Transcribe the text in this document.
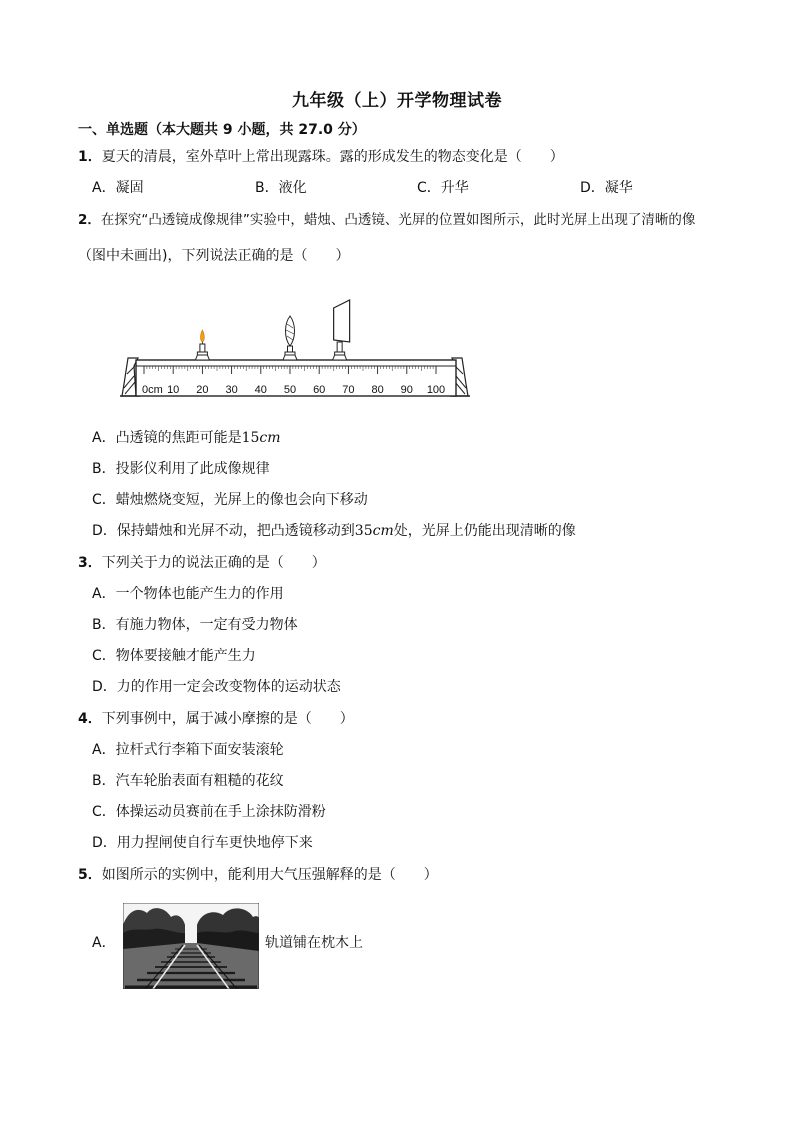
九年级（上）开学物理试卷
一、单选题（本大题共 9 小题，共 27.0 分）
1．夏天的清晨，室外草叶上常出现露珠。露的形成发生的物态变化是（　　）
A．凝固	B．液化	C．升华	D．凝华
2．在探究“凸透镜成像规律”实验中，蜡烛、凸透镜、光屏的位置如图所示，此时光屏上出现了清晰的像
（图中未画出)，下列说法正确的是（　　）
0cm 10 20 30 40 50 60 70 80 90 100
A．凸透镜的焦距可能是15cm
B．投影仪利用了此成像规律
C．蜡烛燃烧变短，光屏上的像也会向下移动
D．保持蜡烛和光屏不动，把凸透镜移动到35cm处，光屏上仍能出现清晰的像
3．下列关于力的说法正确的是（　　）
A．一个物体也能产生力的作用
B．有施力物体，一定有受力物体
C．物体要接触才能产生力
D．力的作用一定会改变物体的运动状态
4．下列事例中，属于减小摩擦的是（　　）
A．拉杆式行李箱下面安装滚轮
B．汽车轮胎表面有粗糙的花纹
C．体操运动员赛前在手上涂抹防滑粉
D．用力捏闸使自行车更快地停下来
5．如图所示的实例中，能利用大气压强解释的是（　　）
A．	轨道铺在枕木上
